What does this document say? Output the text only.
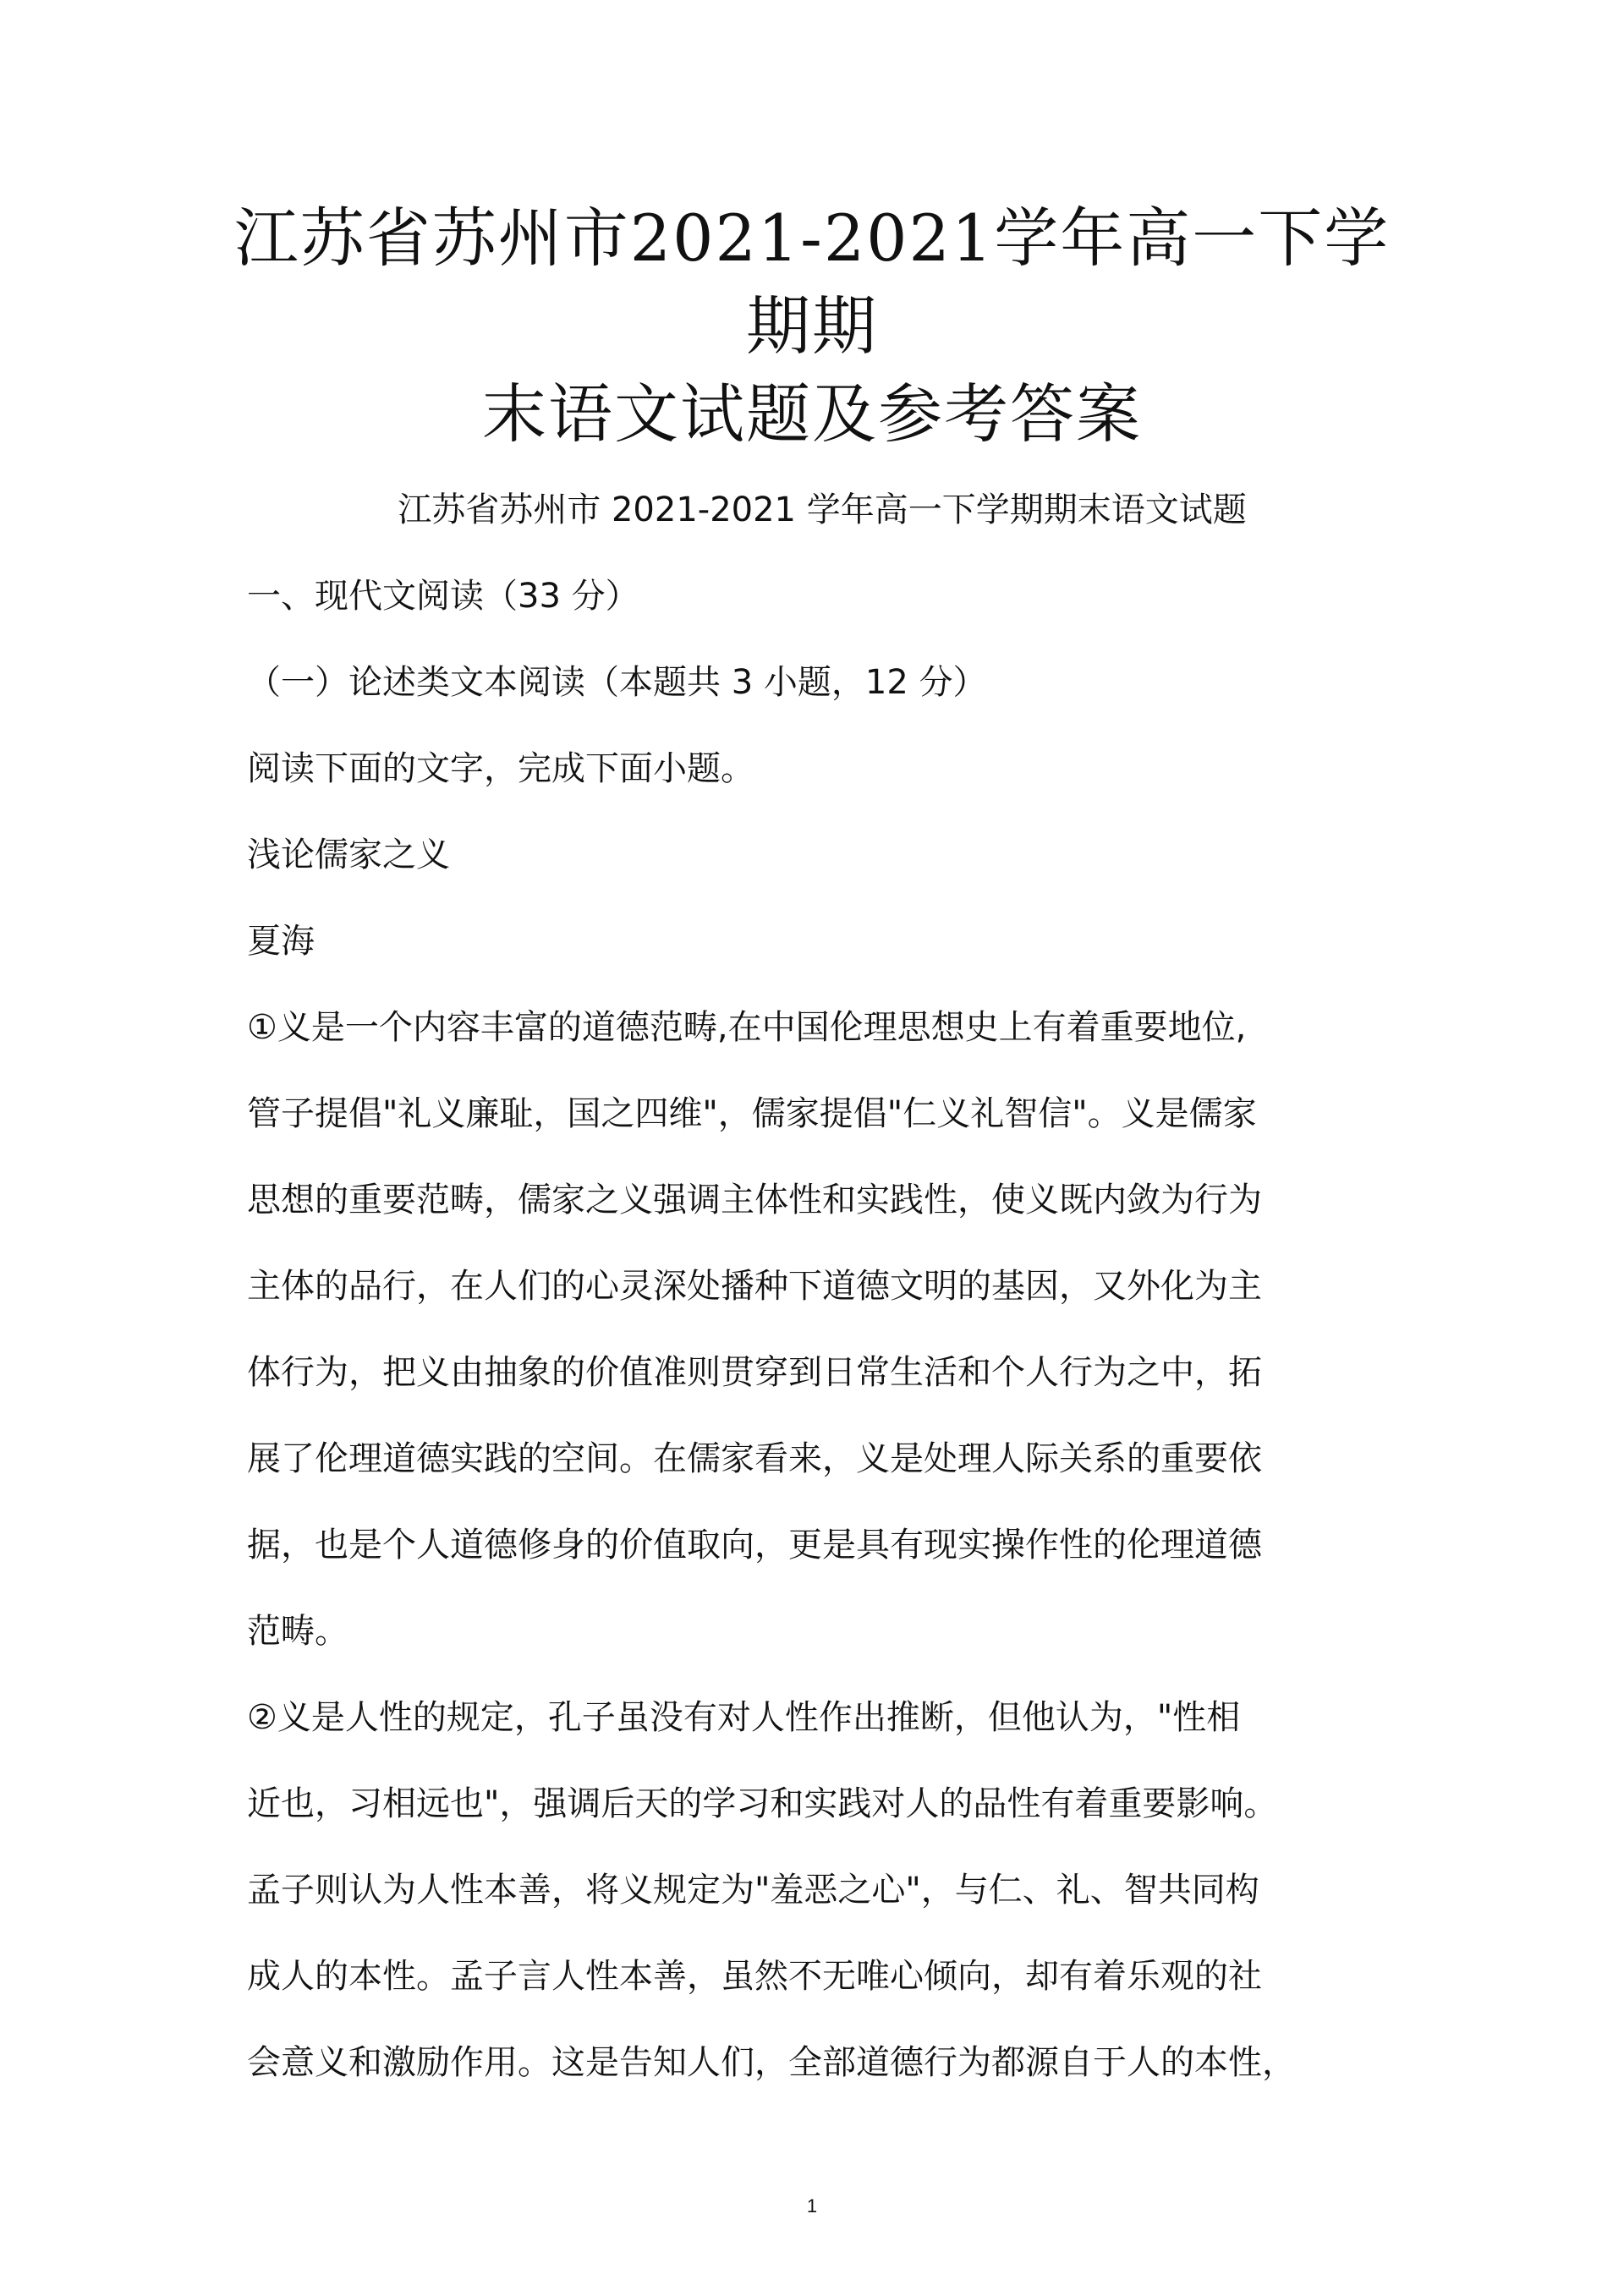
江苏省苏州市2021-2021学年高一下学期期
末语文试题及参考答案

江苏省苏州市 2021-2021 学年高一下学期期末语文试题

一、现代文阅读（33 分）

（一）论述类文本阅读（本题共 3 小题，12 分）

阅读下面的文字，完成下面小题。

浅论儒家之义

夏海

①义是一个内容丰富的道德范畴,在中国伦理思想史上有着重要地位,

管子提倡"礼义廉耻，国之四维"，儒家提倡"仁义礼智信"。义是儒家

思想的重要范畴，儒家之义强调主体性和实践性，使义既内敛为行为

主体的品行，在人们的心灵深处播种下道德文明的基因，又外化为主

体行为，把义由抽象的价值准则贯穿到日常生活和个人行为之中，拓

展了伦理道德实践的空间。在儒家看来，义是处理人际关系的重要依

据，也是个人道德修身的价值取向，更是具有现实操作性的伦理道德

范畴。

②义是人性的规定，孔子虽没有对人性作出推断，但他认为，"性相

近也，习相远也"，强调后天的学习和实践对人的品性有着重要影响。

孟子则认为人性本善，将义规定为"羞恶之心"，与仁、礼、智共同构

成人的本性。孟子言人性本善，虽然不无唯心倾向，却有着乐观的社

会意义和激励作用。这是告知人们，全部道德行为都源自于人的本性，

1
